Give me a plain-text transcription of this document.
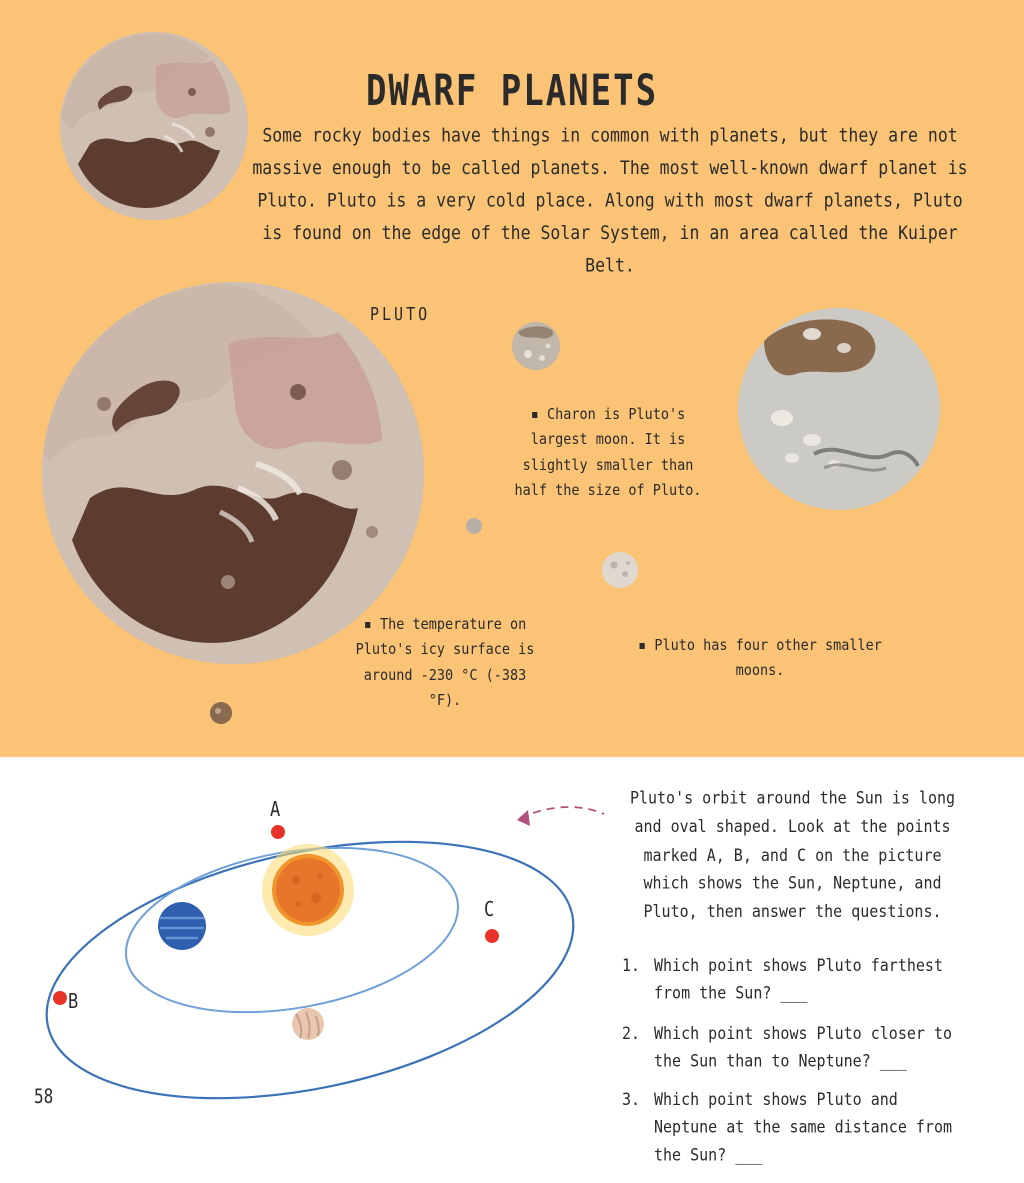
DWARF PLANETS

Some rocky bodies have things in common with planets, but they are not massive enough to be called planets. The most well-known dwarf planet is Pluto. Pluto is a very cold place. Along with most dwarf planets, Pluto is found on the edge of the Solar System, in an area called the Kuiper Belt.

PLUTO
▪ Charon is Pluto's largest moon. It is slightly smaller than half the size of Pluto.
▪ The temperature on Pluto's icy surface is around -230 °C (-383 °F).
▪ Pluto has four other smaller moons.
A
B
C
Pluto's orbit around the Sun is long and oval shaped. Look at the points marked A, B, and C on the picture which shows the Sun, Neptune, and Pluto, then answer the questions.
1. Which point shows Pluto farthest from the Sun? ___
2. Which point shows Pluto closer to the Sun than to Neptune? ___
3. Which point shows Pluto and Neptune at the same distance from the Sun? ___
58
